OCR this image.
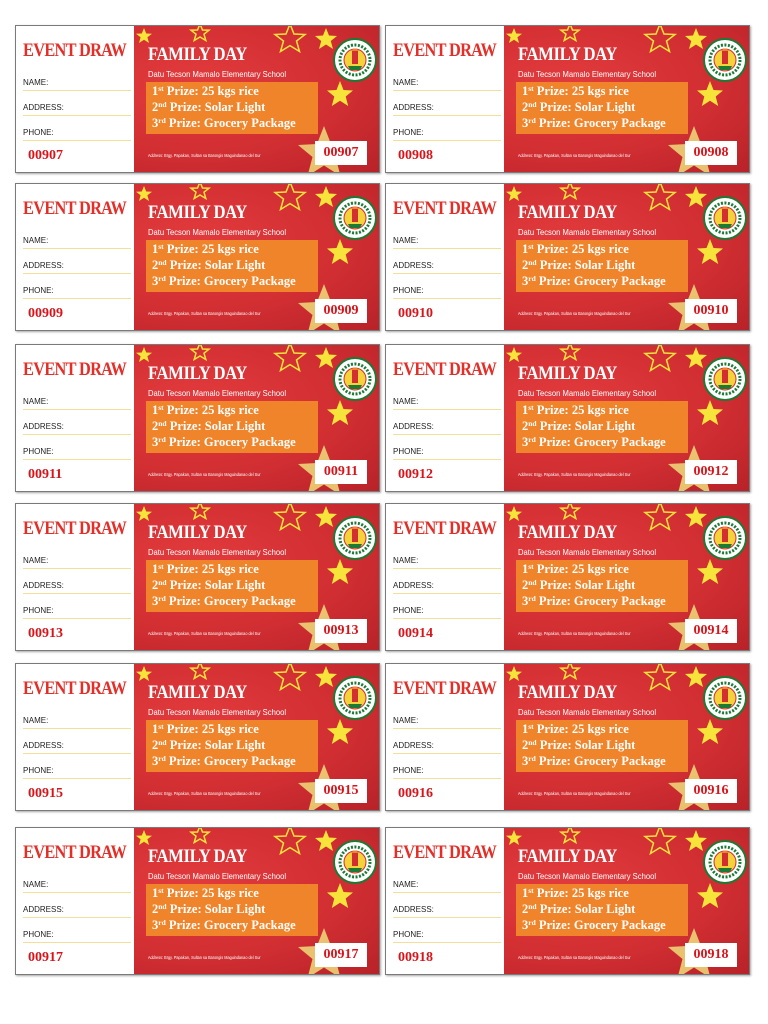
EVENT DRAW
NAME:
ADDRESS:
PHONE:
00907
FAMILY DAY
Datu Tecson Mamalo Elementary School
1st Prize: 25 kgs rice
2nd Prize: Solar Light
3rd Prize: Grocery Package
Address: Brgy. Papakan, Sultan sa Barongis Maguindanao del Sur	00907
EVENT DRAW
NAME:
ADDRESS:
PHONE:
00908
FAMILY DAY
Datu Tecson Mamalo Elementary School
1st Prize: 25 kgs rice
2nd Prize: Solar Light
3rd Prize: Grocery Package
Address: Brgy. Papakan, Sultan sa Barongis Maguindanao del Sur	00908
EVENT DRAW
NAME:
ADDRESS:
PHONE:
00909
FAMILY DAY
Datu Tecson Mamalo Elementary School
1st Prize: 25 kgs rice
2nd Prize: Solar Light
3rd Prize: Grocery Package
Address: Brgy. Papakan, Sultan sa Barongis Maguindanao del Sur	00909
EVENT DRAW
NAME:
ADDRESS:
PHONE:
00910
FAMILY DAY
Datu Tecson Mamalo Elementary School
1st Prize: 25 kgs rice
2nd Prize: Solar Light
3rd Prize: Grocery Package
Address: Brgy. Papakan, Sultan sa Barongis Maguindanao del Sur	00910
EVENT DRAW
NAME:
ADDRESS:
PHONE:
00911
FAMILY DAY
Datu Tecson Mamalo Elementary School
1st Prize: 25 kgs rice
2nd Prize: Solar Light
3rd Prize: Grocery Package
Address: Brgy. Papakan, Sultan sa Barongis Maguindanao del Sur	00911
EVENT DRAW
NAME:
ADDRESS:
PHONE:
00912
FAMILY DAY
Datu Tecson Mamalo Elementary School
1st Prize: 25 kgs rice
2nd Prize: Solar Light
3rd Prize: Grocery Package
Address: Brgy. Papakan, Sultan sa Barongis Maguindanao del Sur	00912
EVENT DRAW
NAME:
ADDRESS:
PHONE:
00913
FAMILY DAY
Datu Tecson Mamalo Elementary School
1st Prize: 25 kgs rice
2nd Prize: Solar Light
3rd Prize: Grocery Package
Address: Brgy. Papakan, Sultan sa Barongis Maguindanao del Sur	00913
EVENT DRAW
NAME:
ADDRESS:
PHONE:
00914
FAMILY DAY
Datu Tecson Mamalo Elementary School
1st Prize: 25 kgs rice
2nd Prize: Solar Light
3rd Prize: Grocery Package
Address: Brgy. Papakan, Sultan sa Barongis Maguindanao del Sur	00914
EVENT DRAW
NAME:
ADDRESS:
PHONE:
00915
FAMILY DAY
Datu Tecson Mamalo Elementary School
1st Prize: 25 kgs rice
2nd Prize: Solar Light
3rd Prize: Grocery Package
Address: Brgy. Papakan, Sultan sa Barongis Maguindanao del Sur	00915
EVENT DRAW
NAME:
ADDRESS:
PHONE:
00916
FAMILY DAY
Datu Tecson Mamalo Elementary School
1st Prize: 25 kgs rice
2nd Prize: Solar Light
3rd Prize: Grocery Package
Address: Brgy. Papakan, Sultan sa Barongis Maguindanao del Sur	00916
EVENT DRAW
NAME:
ADDRESS:
PHONE:
00917
FAMILY DAY
Datu Tecson Mamalo Elementary School
1st Prize: 25 kgs rice
2nd Prize: Solar Light
3rd Prize: Grocery Package
Address: Brgy. Papakan, Sultan sa Barongis Maguindanao del Sur	00917
EVENT DRAW
NAME:
ADDRESS:
PHONE:
00918
FAMILY DAY
Datu Tecson Mamalo Elementary School
1st Prize: 25 kgs rice
2nd Prize: Solar Light
3rd Prize: Grocery Package
Address: Brgy. Papakan, Sultan sa Barongis Maguindanao del Sur	00918
